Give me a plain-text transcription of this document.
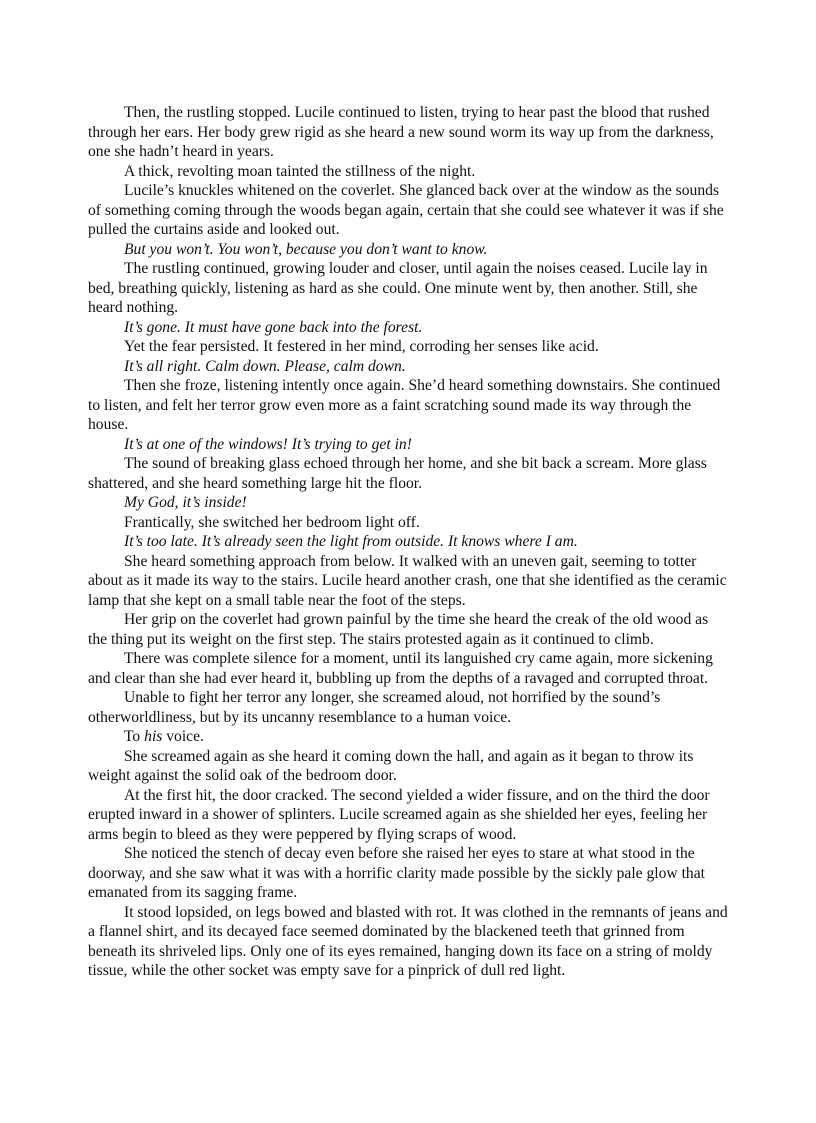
Then, the rustling stopped. Lucile continued to listen, trying to hear past the blood that rushed through her ears. Her body grew rigid as she heard a new sound worm its way up from the darkness, one she hadn’t heard in years.

A thick, revolting moan tainted the stillness of the night.

Lucile’s knuckles whitened on the coverlet. She glanced back over at the window as the sounds of something coming through the woods began again, certain that she could see whatever it was if she pulled the curtains aside and looked out.

But you won’t. You won’t, because you don’t want to know.

The rustling continued, growing louder and closer, until again the noises ceased. Lucile lay in bed, breathing quickly, listening as hard as she could. One minute went by, then another. Still, she heard nothing.

It’s gone. It must have gone back into the forest.

Yet the fear persisted. It festered in her mind, corroding her senses like acid.

It’s all right. Calm down. Please, calm down.

Then she froze, listening intently once again. She’d heard something downstairs. She continued to listen, and felt her terror grow even more as a faint scratching sound made its way through the house.

It’s at one of the windows! It’s trying to get in!

The sound of breaking glass echoed through her home, and she bit back a scream. More glass shattered, and she heard something large hit the floor.

My God, it’s inside!

Frantically, she switched her bedroom light off.

It’s too late. It’s already seen the light from outside. It knows where I am.

She heard something approach from below. It walked with an uneven gait, seeming to totter about as it made its way to the stairs. Lucile heard another crash, one that she identified as the ceramic lamp that she kept on a small table near the foot of the steps.

Her grip on the coverlet had grown painful by the time she heard the creak of the old wood as the thing put its weight on the first step. The stairs protested again as it continued to climb.

There was complete silence for a moment, until its languished cry came again, more sickening and clear than she had ever heard it, bubbling up from the depths of a ravaged and corrupted throat.

Unable to fight her terror any longer, she screamed aloud, not horrified by the sound’s otherworldliness, but by its uncanny resemblance to a human voice.

To his voice.

She screamed again as she heard it coming down the hall, and again as it began to throw its weight against the solid oak of the bedroom door.

At the first hit, the door cracked. The second yielded a wider fissure, and on the third the door erupted inward in a shower of splinters. Lucile screamed again as she shielded her eyes, feeling her arms begin to bleed as they were peppered by flying scraps of wood.

She noticed the stench of decay even before she raised her eyes to stare at what stood in the doorway, and she saw what it was with a horrific clarity made possible by the sickly pale glow that emanated from its sagging frame.

It stood lopsided, on legs bowed and blasted with rot. It was clothed in the remnants of jeans and a flannel shirt, and its decayed face seemed dominated by the blackened teeth that grinned from beneath its shriveled lips. Only one of its eyes remained, hanging down its face on a string of moldy tissue, while the other socket was empty save for a pinprick of dull red light.
